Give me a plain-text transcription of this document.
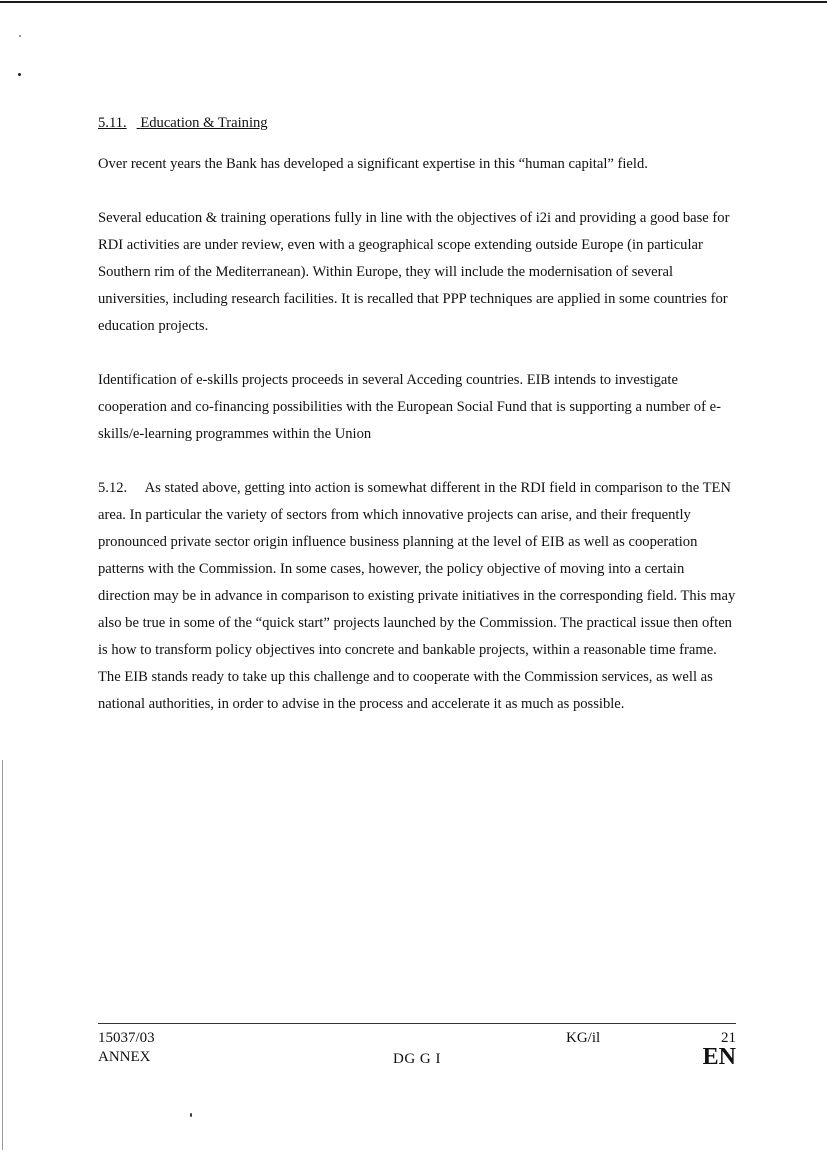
5.11. Education & Training

Over recent years the Bank has developed a significant expertise in this “human capital” field.

Several education & training operations fully in line with the objectives of i2i and providing a good base for RDI activities are under review, even with a geographical scope extending outside Europe (in particular Southern rim of the Mediterranean). Within Europe, they will include the modernisation of several universities, including research facilities. It is recalled that PPP techniques are applied in some countries for education projects.

Identification of e-skills projects proceeds in several Acceding countries. EIB intends to investigate cooperation and co-financing possibilities with the European Social Fund that is supporting a number of e-skills/e-learning programmes within the Union

5.12.  As stated above, getting into action is somewhat different in the RDI field in comparison to the TEN area. In particular the variety of sectors from which innovative projects can arise, and their frequently pronounced private sector origin influence business planning at the level of EIB as well as cooperation patterns with the Commission. In some cases, however, the policy objective of moving into a certain direction may be in advance in comparison to existing private initiatives in the corresponding field. This may also be true in some of the “quick start” projects launched by the Commission. The practical issue then often is how to transform policy objectives into concrete and bankable projects, within a reasonable time frame. The EIB stands ready to take up this challenge and to cooperate with the Commission services, as well as national authorities, in order to advise in the process and accelerate it as much as possible.

15037/03
ANNEX	DG G I
KG/il	21
EN
